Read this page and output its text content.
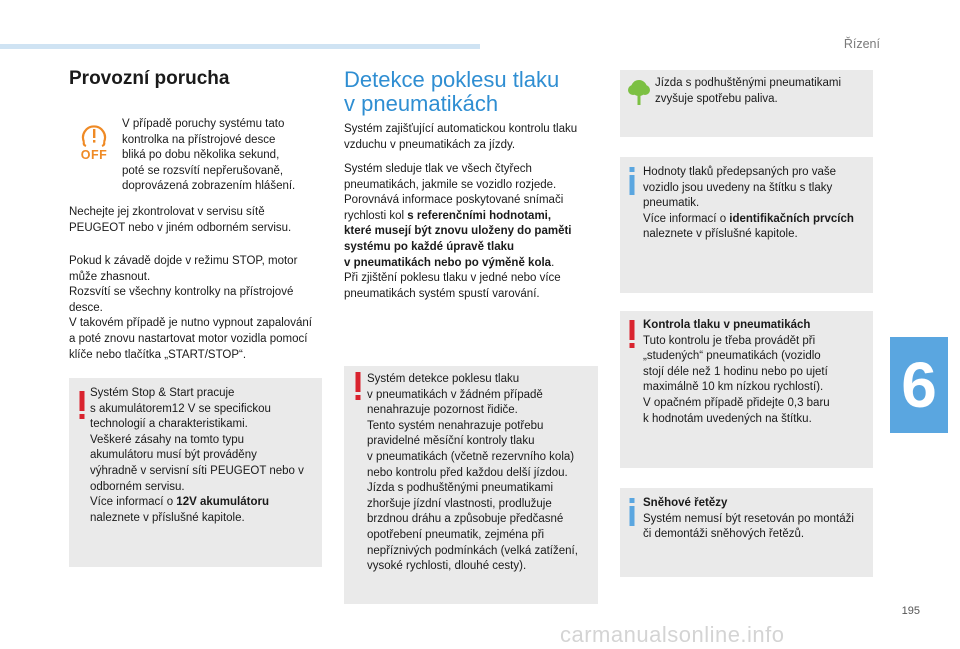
Řízení
6
Provozní porucha
OFF
V případě poruchy systému tato
kontrolka na přístrojové desce
bliká po dobu několika sekund,
poté se rozsvítí nepřerušovaně,
doprovázená zobrazením hlášení.
Nechejte jej zkontrolovat v servisu sítě
PEUGEOT nebo v jiném odborném servisu.
Pokud k závadě dojde v režimu STOP, motor
může zhasnout.
Rozsvítí se všechny kontrolky na přístrojové
desce.
V takovém případě je nutno vypnout zapalování
a poté znovu nastartovat motor vozidla pomocí
klíče nebo tlačítka „START/STOP“.
Systém Stop & Start pracuje
s akumulátorem12 V se specifickou
technologií a charakteristikami.
Veškeré zásahy na tomto typu
akumulátoru musí být prováděny
výhradně v servisní síti PEUGEOT nebo v
odborném servisu.
Více informací o 12V akumulátoru
naleznete v příslušné kapitole.
Detekce poklesu tlaku
v pneumatikách
Systém zajišťující automatickou kontrolu tlaku
vzduchu v pneumatikách za jízdy.
Systém sleduje tlak ve všech čtyřech
pneumatikách, jakmile se vozidlo rozjede.
Porovnává informace poskytované snímači
rychlosti kol s referenčními hodnotami,
které musejí být znovu uloženy do paměti
systému po každé úpravě tlaku
v pneumatikách nebo po výměně kola.
Při zjištění poklesu tlaku v jedné nebo více
pneumatikách systém spustí varování.
Systém detekce poklesu tlaku
v pneumatikách v žádném případě
nenahrazuje pozornost řidiče.
Tento systém nenahrazuje potřebu
pravidelné měsíční kontroly tlaku
v pneumatikách (včetně rezervního kola)
nebo kontrolu před každou delší jízdou.
Jízda s podhuštěnými pneumatikami
zhoršuje jízdní vlastnosti, prodlužuje
brzdnou dráhu a způsobuje předčasné
opotřebení pneumatik, zejména při
nepříznivých podmínkách (velká zatížení,
vysoké rychlosti, dlouhé cesty).
Jízda s podhuštěnými pneumatikami
zvyšuje spotřebu paliva.
Hodnoty tlaků předepsaných pro vaše
vozidlo jsou uvedeny na štítku s tlaky
pneumatik.
Více informací o identifikačních prvcích
naleznete v příslušné kapitole.
Kontrola tlaku v pneumatikách
Tuto kontrolu je třeba provádět při
„studených“ pneumatikách (vozidlo
stojí déle než 1 hodinu nebo po ujetí
maximálně 10 km nízkou rychlostí).
V opačném případě přidejte 0,3 baru
k hodnotám uvedených na štítku.
Sněhové řetězy
Systém nemusí být resetován po montáži
či demontáži sněhových řetězů.
195
carmanualsonline.info
